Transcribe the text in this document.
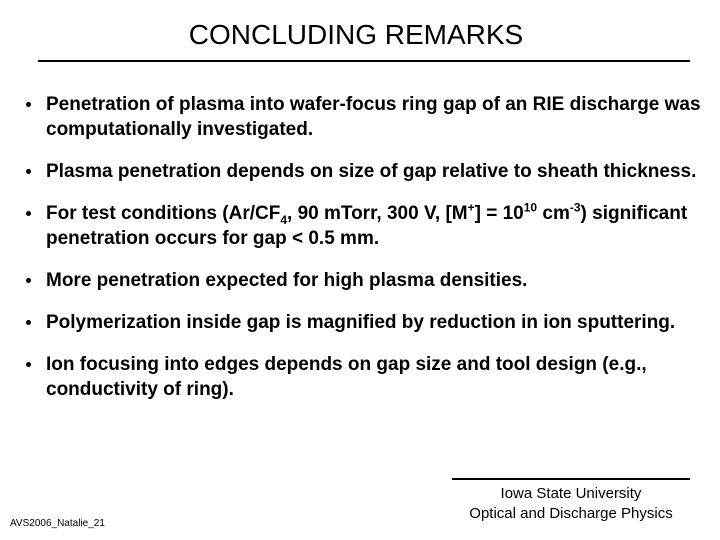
CONCLUDING REMARKS
Penetration of plasma into wafer-focus ring gap of an RIE discharge was computationally investigated.
Plasma penetration depends on size of gap relative to sheath thickness.
For test conditions ($Ar/CF_4$, 90 mTorr, 300 V, $[M^+] = 10^{10}$ $cm^{-3}$) significant penetration occurs for gap < 0.5 mm.
More penetration expected for high plasma densities.
Polymerization inside gap is magnified by reduction in ion sputtering.
Ion focusing into edges depends on gap size and tool design (e.g., conductivity of ring).
Iowa State University
Optical and Discharge Physics
AVS2006_Natalie_21
